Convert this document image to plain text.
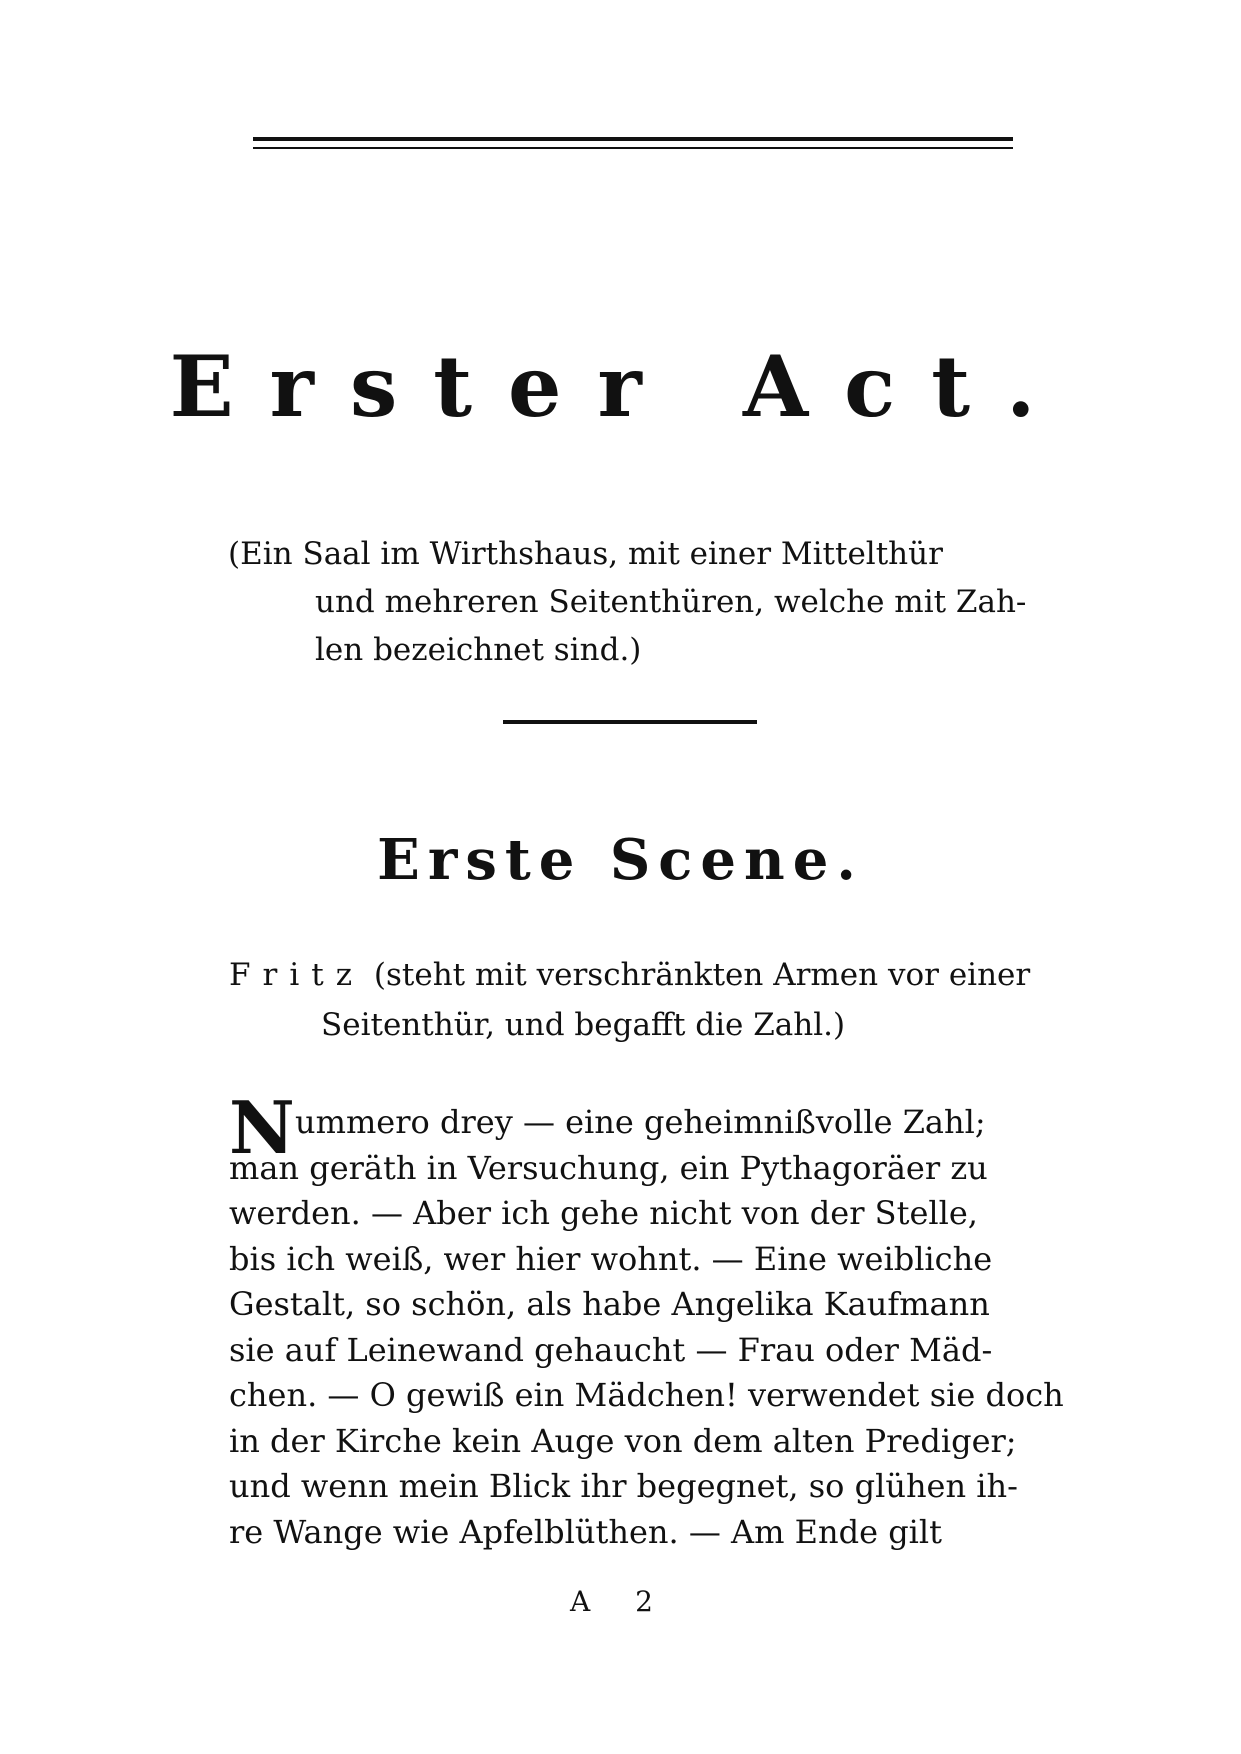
Erster Act.
(Ein Saal im Wirthshaus, mit einer Mittelthür
und mehreren Seitenthüren, welche mit Zah-
len bezeichnet sind.)
Erste Scene.
Fritz (steht mit verschränkten Armen vor einer
Seitenthür, und begafft die Zahl.)
N ummero drey — eine geheimnißvolle Zahl;
man geräth in Versuchung, ein Pythagoräer zu
werden. — Aber ich gehe nicht von der Stelle,
bis ich weiß, wer hier wohnt. — Eine weibliche
Gestalt, so schön, als habe Angelika Kaufmann
sie auf Leinewand gehaucht — Frau oder Mäd-
chen. — O gewiß ein Mädchen! verwendet sie doch
in der Kirche kein Auge von dem alten Prediger;
und wenn mein Blick ihr begegnet, so glühen ih-
re Wange wie Apfelblüthen. — Am Ende gilt
A 2
